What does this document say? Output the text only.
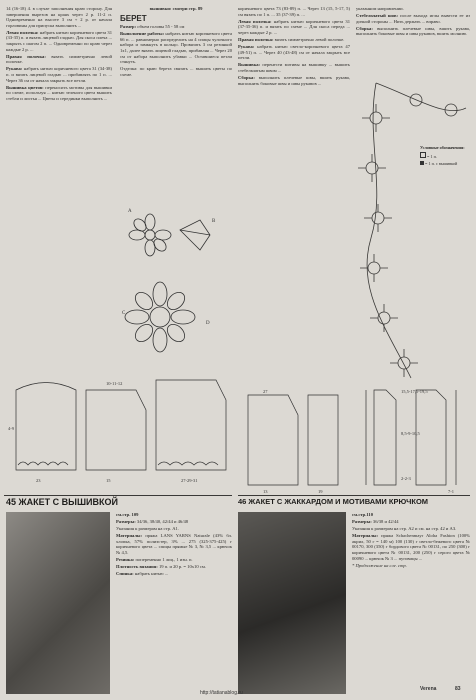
14 (16-18) 4. в случае заполнения краю сторону. Для завершения вырезов на краях через 2 р. 11-2 п. Одновременно на высоте 3 см + 2 р. от начала горловины для припуска выполнить ...

Левая полочка: набрать нитью коричневого цвета 31 (33-35) п. и вязать лицевой гладью. Для скоса плеча ... закрыть с шагом 2 п. ... Одновременно по краю через каждые 2 р. ...

Правая полочка: вязать симметрично левой полочке.

Рукава: набрать нитью коричневого цвета 31 (34-38) п. и вязать лицевой гладью ... прибавлять по 1 п. ... Через 36 см от начала закрыть все петли.

Вышивка цветов: переносить мотивы для вышивки по схеме, используя ... нитью зеленого цвета вышить стебли и листья ... Цветы и серединки выполнить ...

вышивки: смотри стр. 89

БЕРЕТ

Размер: объем головы 55 - 58 см

Выполнение работы: набрать нитью коричневого цвета 66 п. ... равномерно распределить на 4 спицы чулочного набора и замкнуть в кольцо. Провязать 3 см резинкой 1x1, далее вязать лицевой гладью, прибавляя ... Через 20 см от набора выполнить убавки ... Оставшиеся петли стянуть.

Отделка: по краю берета связать ... вышить цветы по схеме.

A
B
C
D

коричневого цвета 73 (83-89) п. ... Через 13 (15, 5-17, 5) см вязать по 1 п. ... 35 (37-39) п. ...

Левая полочка: набрать нитью коричневого цвета 31 (37-35-36) п. и вязать по схеме ... Для скоса переда ... через каждые 2 р. ...

Правая полочка: вязать симметрично левой полочке.

Рукава: набрать нитью светло-коричневого цвета 47 (49-51) п. ... Через 40 (43-48) см от начала закрыть все петли.

Вышивка: перенести мотивы на вышивку ... вышить стебельчатым швом ...

Сборка: выполнить плечевые швы, вшить рукава, выполнить боковые швы и швы рукавов ...

указанном направлении.

Стебельчатый шов: после выхода иглы вывести ее из дичной стороны ... Нить держать ... вправо.

Сборка: выполнить плечевые швы, вшить рукава, выполнить боковые швы и швы рукавов, вшить молнию.

Условные обозначения:

= 1 п.

= 1 п. с вышивкой

15,5-17,5-19,5
8,5-9-10,5
2-2-3
7-1
27
13	19
23	15	27-29-31
4-9
10-11-12
45 ЖАКЕТ С ВЫШИВКОЙ

см.стр. 109

Размеры: 34/36, 38/40, 42/44 и 46/48

Указания к размерам на стр. А1.

Материалы: пряжа LANS YARNS Naturale (43% бл. хлопка, 57% полиэстер, 3% ... 275 (325-375-425) г коричневого цвета ... спицы прямые № 3, № 3,5 ... крючок № 4,5.

Резинка: попеременно 1 лиц., 1 изн. п.

Плотность вязания: 19 п. и 20 р. = 10x10 см.

Спинка: набрать нитью ...

46 ЖАКЕТ С ЖАККАРДОМ И МОТИВАМИ КРЮЧКОМ

см.стр.110

Размеры: 36/38 и 42/44

Указания к размерам на стр. А2 и см. на стр. 42 и А3.

Материалы: пряжа Schachenmayr Aloha Fashion (100% акрил, 50 г = 140 м) 100 (130) г светло-бежевого цвета № 00170, 300 (350) г бордового цвета № 00131, по 250 (300) г коричневого цвета № 00131, 200 (250) г серого цвета № 00090 ... крючок № 3 ... пуговицы ...

* Продолжение на сле. стр.

http://tatianablog.ru
Verena	83
